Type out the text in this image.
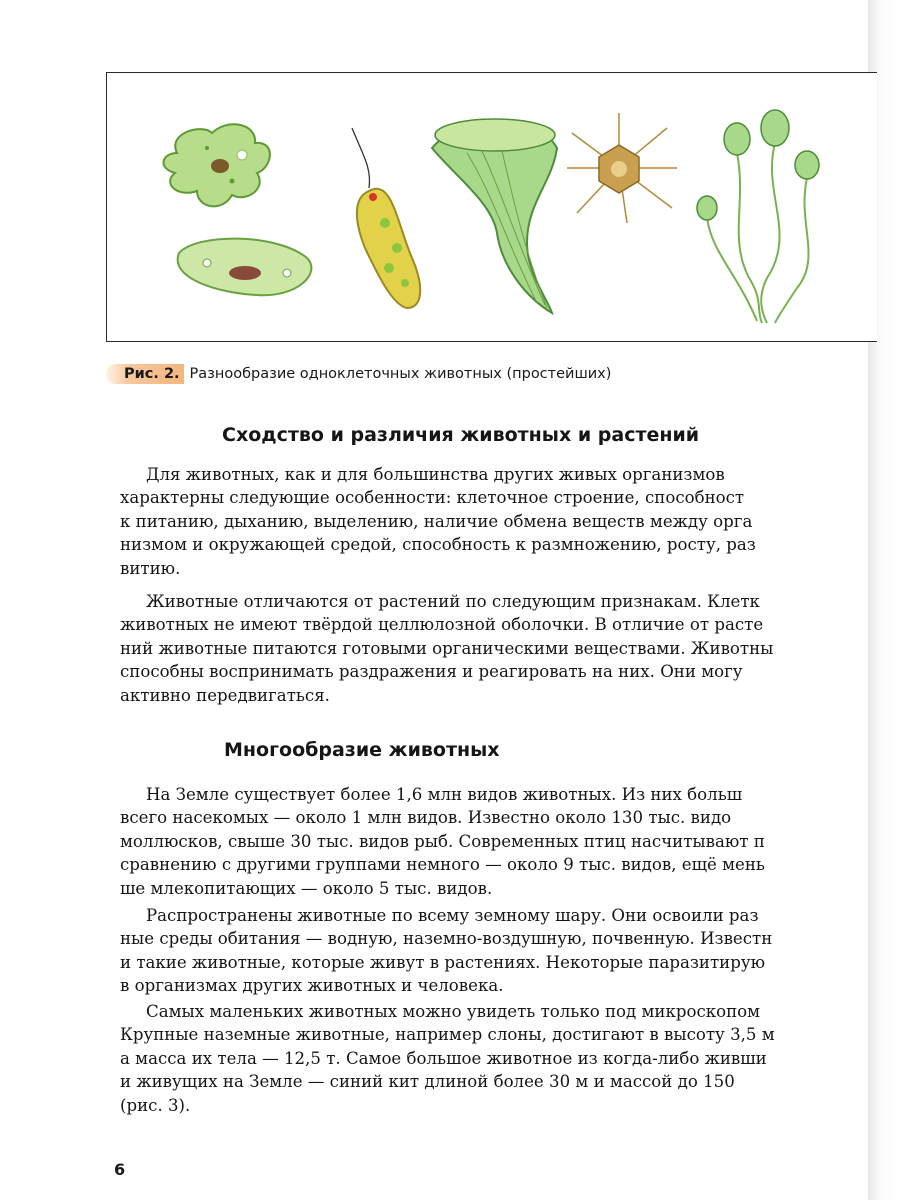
Рис. 2. Разнообразие одноклеточных животных (простейших)
Сходство и различия животных и растений
Для животных, как и для большинства других живых организмов
характерны следующие особенности: клеточное строение, способност
к питанию, дыханию, выделению, наличие обмена веществ между орга
низмом и окружающей средой, способность к размножению, росту, раз
витию.
Животные отличаются от растений по следующим признакам. Клетк
животных не имеют твёрдой целлюлозной оболочки. В отличие от расте
ний животные питаются готовыми органическими веществами. Животны
способны воспринимать раздражения и реагировать на них. Они могу
активно передвигаться.
Многообразие животных
На Земле существует более 1,6 млн видов животных. Из них больш
всего насекомых — около 1 млн видов. Известно около 130 тыс. видо
моллюсков, свыше 30 тыс. видов рыб. Современных птиц насчитывают п
сравнению с другими группами немного — около 9 тыс. видов, ещё мень
ше млекопитающих — около 5 тыс. видов.
Распространены животные по всему земному шару. Они освоили раз
ные среды обитания — водную, наземно-воздушную, почвенную. Известн
и такие животные, которые живут в растениях. Некоторые паразитирую
в организмах других животных и человека.
Самых маленьких животных можно увидеть только под микроскопом
Крупные наземные животные, например слоны, достигают в высоту 3,5 м
а масса их тела — 12,5 т. Самое большое животное из когда-либо живши
и живущих на Земле — синий кит длиной более 30 м и массой до 150
(рис. 3).
6
